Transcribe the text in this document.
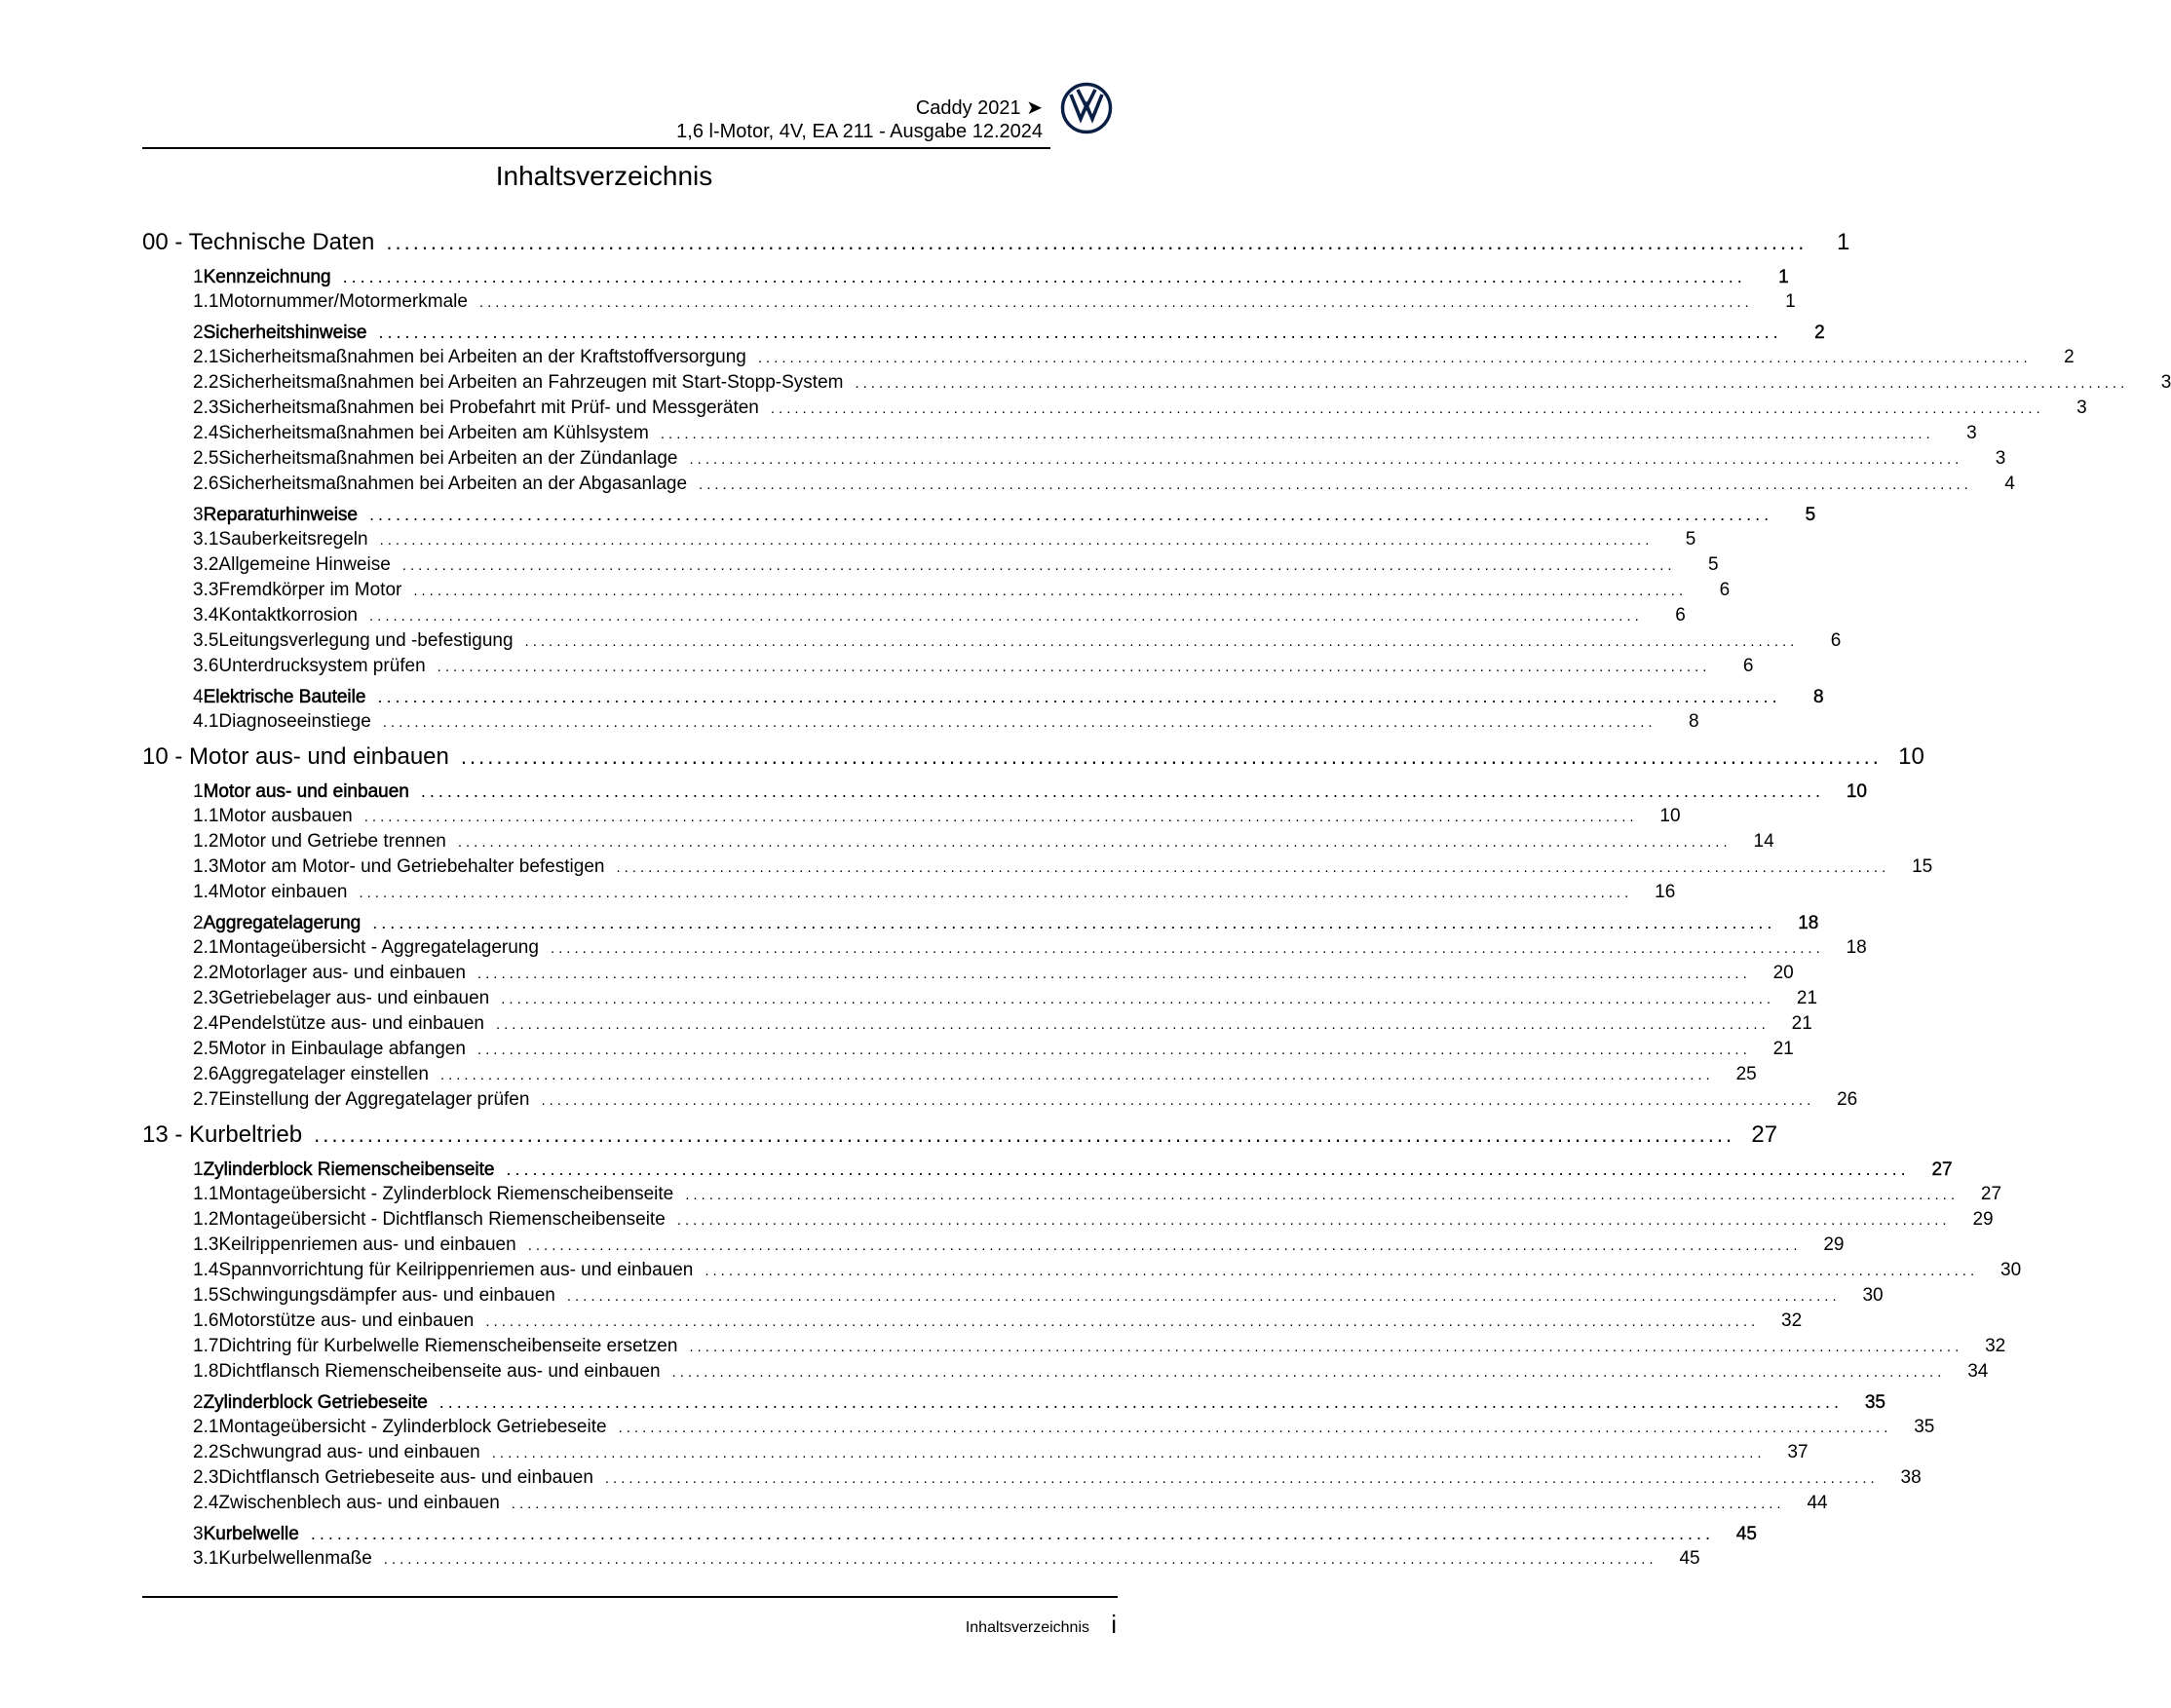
Caddy 2021 ➤
1,6 l-Motor, 4V, EA 211 - Ausgabe 12.2024
Inhaltsverzeichnis
00 - Technische Daten ................................................................................................................................................................	1
1 Kennzeichnung ................................................................................................................................................................	1
1.1 Motornummer/Motormerkmale ................................................................................................................................................................	1
2 Sicherheitshinweise ................................................................................................................................................................	2
2.1 Sicherheitsmaßnahmen bei Arbeiten an der Kraftstoffversorgung ................................................................................................................................................................	2
2.2 Sicherheitsmaßnahmen bei Arbeiten an Fahrzeugen mit Start-Stopp-System ................................................................................................................................................................	3
2.3 Sicherheitsmaßnahmen bei Probefahrt mit Prüf- und Messgeräten ................................................................................................................................................................	3
2.4 Sicherheitsmaßnahmen bei Arbeiten am Kühlsystem ................................................................................................................................................................	3
2.5 Sicherheitsmaßnahmen bei Arbeiten an der Zündanlage ................................................................................................................................................................	3
2.6 Sicherheitsmaßnahmen bei Arbeiten an der Abgasanlage ................................................................................................................................................................	4
3 Reparaturhinweise ................................................................................................................................................................	5
3.1 Sauberkeitsregeln ................................................................................................................................................................	5
3.2 Allgemeine Hinweise ................................................................................................................................................................	5
3.3 Fremdkörper im Motor ................................................................................................................................................................	6
3.4 Kontaktkorrosion ................................................................................................................................................................	6
3.5 Leitungsverlegung und -befestigung ................................................................................................................................................................	6
3.6 Unterdrucksystem prüfen ................................................................................................................................................................	6
4 Elektrische Bauteile ................................................................................................................................................................	8
4.1 Diagnoseeinstiege ................................................................................................................................................................	8
10 - Motor aus- und einbauen ................................................................................................................................................................ 10
1 Motor aus- und einbauen ................................................................................................................................................................	10
1.1 Motor ausbauen ................................................................................................................................................................	10
1.2 Motor und Getriebe trennen ................................................................................................................................................................	14
1.3 Motor am Motor- und Getriebehalter befestigen ................................................................................................................................................................	15
1.4 Motor einbauen ................................................................................................................................................................	16
2 Aggregatelagerung ................................................................................................................................................................	18
2.1 Montageübersicht - Aggregatelagerung ................................................................................................................................................................	18
2.2 Motorlager aus- und einbauen ................................................................................................................................................................	20
2.3 Getriebelager aus- und einbauen ................................................................................................................................................................	21
2.4 Pendelstütze aus- und einbauen ................................................................................................................................................................	21
2.5 Motor in Einbaulage abfangen ................................................................................................................................................................	21
2.6 Aggregatelager einstellen ................................................................................................................................................................	25
2.7 Einstellung der Aggregatelager prüfen ................................................................................................................................................................	26
13 - Kurbeltrieb ................................................................................................................................................................ 27
1 Zylinderblock Riemenscheibenseite ................................................................................................................................................................	27
1.1 Montageübersicht - Zylinderblock Riemenscheibenseite ................................................................................................................................................................	27
1.2 Montageübersicht - Dichtflansch Riemenscheibenseite ................................................................................................................................................................	29
1.3 Keilrippenriemen aus- und einbauen ................................................................................................................................................................	29
1.4 Spannvorrichtung für Keilrippenriemen aus- und einbauen ................................................................................................................................................................	30
1.5 Schwingungsdämpfer aus- und einbauen ................................................................................................................................................................	30
1.6 Motorstütze aus- und einbauen ................................................................................................................................................................	32
1.7 Dichtring für Kurbelwelle Riemenscheibenseite ersetzen ................................................................................................................................................................	32
1.8 Dichtflansch Riemenscheibenseite aus- und einbauen ................................................................................................................................................................	34
2 Zylinderblock Getriebeseite ................................................................................................................................................................	35
2.1 Montageübersicht - Zylinderblock Getriebeseite ................................................................................................................................................................	35
2.2 Schwungrad aus- und einbauen ................................................................................................................................................................	37
2.3 Dichtflansch Getriebeseite aus- und einbauen ................................................................................................................................................................	38
2.4 Zwischenblech aus- und einbauen ................................................................................................................................................................	44
3 Kurbelwelle ................................................................................................................................................................	45
3.1 Kurbelwellenmaße ................................................................................................................................................................	45
Inhaltsverzeichnis i
